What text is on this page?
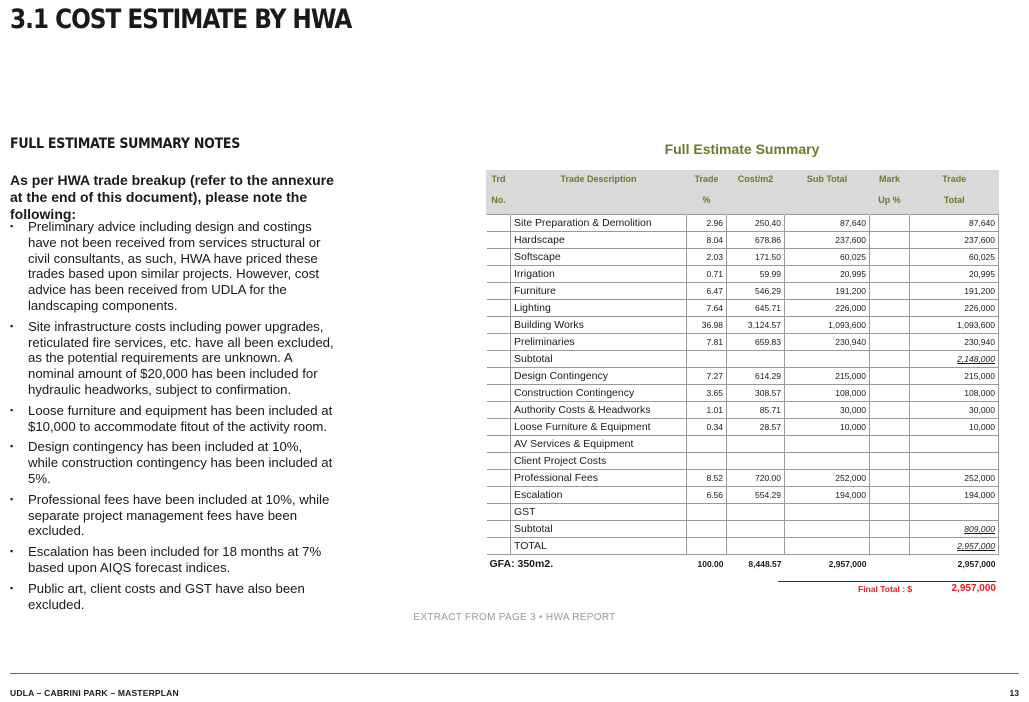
3.1 COST ESTIMATE BY HWA
FULL ESTIMATE SUMMARY NOTES
As per HWA trade breakup (refer to the annexure at the end of this document), please note the following:
▪ Preliminary advice including design and costings have not been received from services structural or civil consultants, as such, HWA have priced these trades based upon similar projects. However, cost advice has been received from UDLA for the landscaping components.
▪ Site infrastructure costs including power upgrades, reticulated fire services, etc. have all been excluded, as the potential requirements are unknown. A nominal amount of $20,000 has been included for hydraulic headworks, subject to confirmation.
▪ Loose furniture and equipment has been included at $10,000 to accommodate fitout of the activity room.
▪ Design contingency has been included at 10%, while construction contingency has been included at 5%.
▪ Professional fees have been included at 10%, while separate project management fees have been excluded.
▪ Escalation has been included for 18 months at 7% based upon AIQS forecast indices.
▪ Public art, client costs and GST have also been excluded.
Full Estimate Summary
Trd	Trade Description	Trade	Cost/m2	Sub Total	Mark	Trade
No.		%			Up %	Total
	Site Preparation & Demolition	2.96	250.40	87,640		87,640
	Hardscape	8.04	678.86	237,600		237,600
	Softscape	2.03	171.50	60,025		60,025
	Irrigation	0.71	59.99	20,995		20,995
	Furniture	6.47	546.29	191,200		191,200
	Lighting	7.64	645.71	226,000		226,000
	Building Works	36.98	3,124.57	1,093,600		1,093,600
	Preliminaries	7.81	659.83	230,940		230,940
	Subtotal					2,148,000
	Design Contingency	7.27	614.29	215,000		215,000
	Construction Contingency	3.65	308.57	108,000		108,000
	Authority Costs & Headworks	1.01	85.71	30,000		30,000
	Loose Furniture & Equipment	0.34	28.57	10,000		10,000
	AV Services & Equipment					
	Client Project Costs					
	Professional Fees	8.52	720.00	252,000		252,000
	Escalation	6.56	554.29	194,000		194,000
	GST					
	Subtotal					809,000
	TOTAL					2,957,000
GFA: 350m2.		100.00	8,448.57	2,957,000		2,957,000
Final Total : $	2,957,000
EXTRACT FROM PAGE 3 • HWA REPORT
UDLA – CABRINI PARK – MASTERPLAN	13
